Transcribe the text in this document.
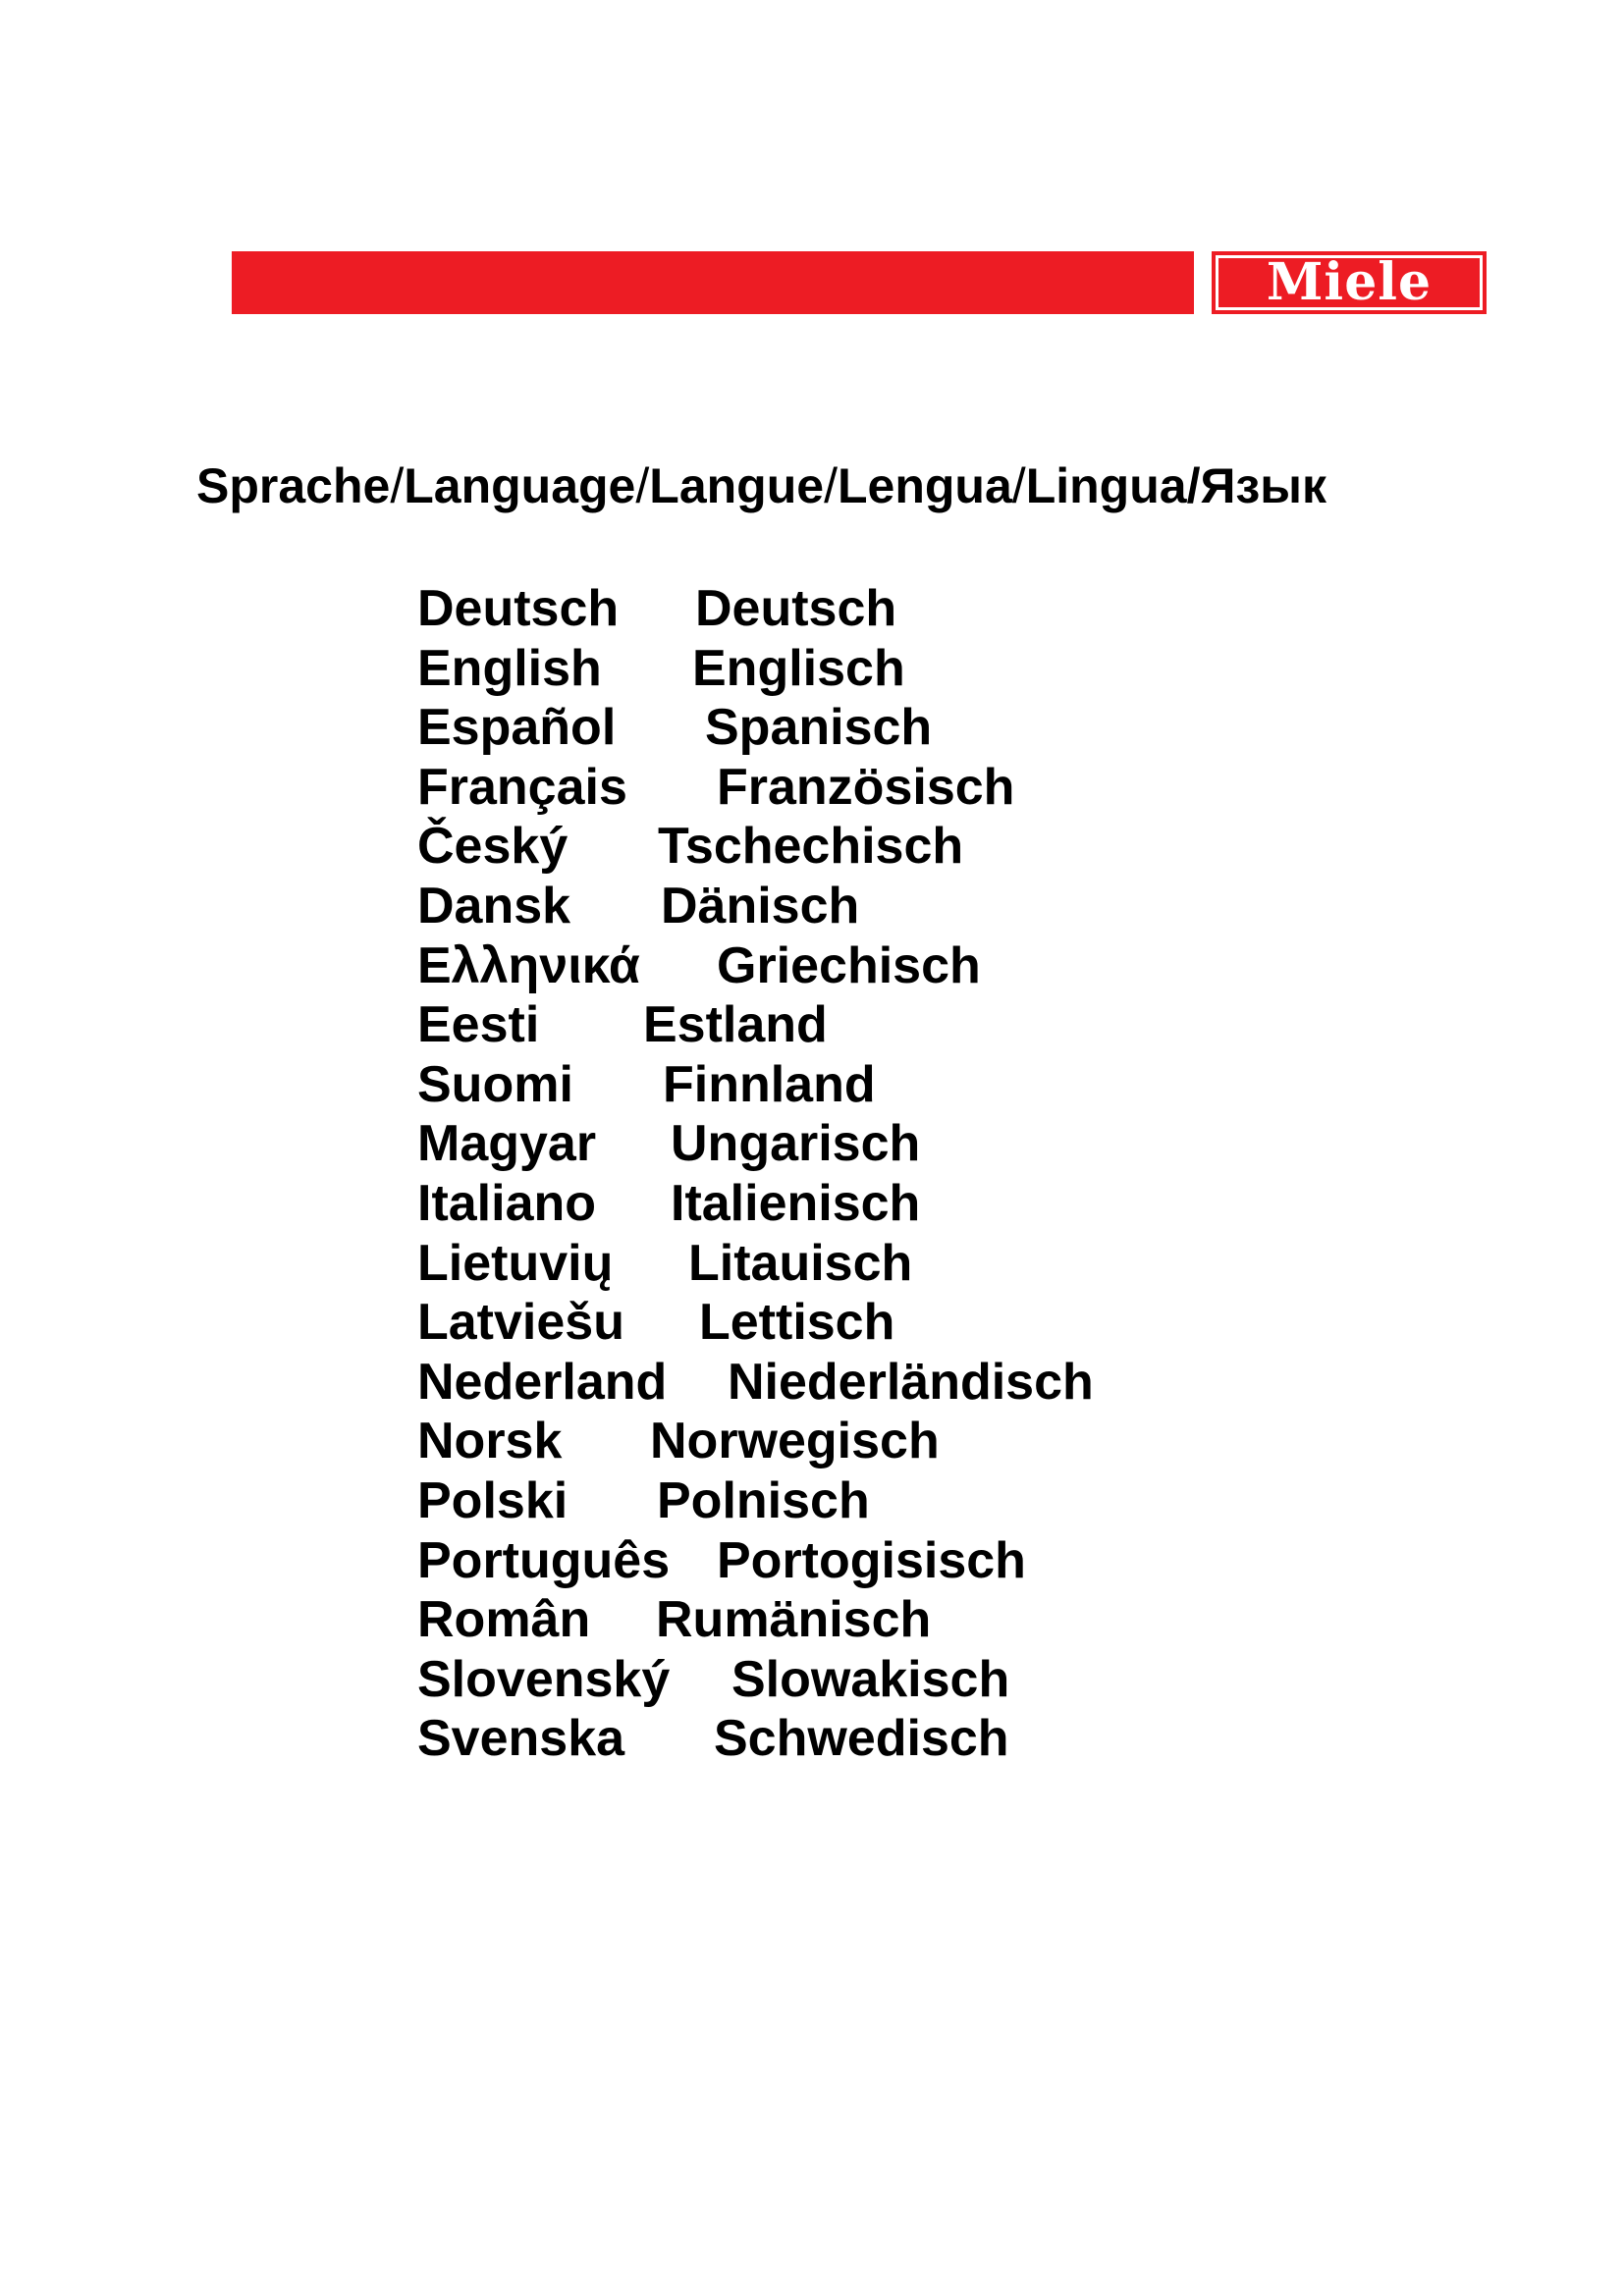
Miele
Sprache/Language/Langue/Lengua/Lingua/Язык
Deutsch Deutsch
English Englisch
Español Spanisch
Français Französisch
Český Tschechisch
Dansk Dänisch
Ελληνικά Griechisch
Eesti Estland
Suomi Finnland
Magyar Ungarisch
Italiano Italienisch
Lietuvių Litauisch
Latviešu Lettisch
Nederland Niederländisch
Norsk Norwegisch
Polski Polnisch
Português Portogisisch
Român Rumänisch
Slovenský Slowakisch
Svenska Schwedisch
